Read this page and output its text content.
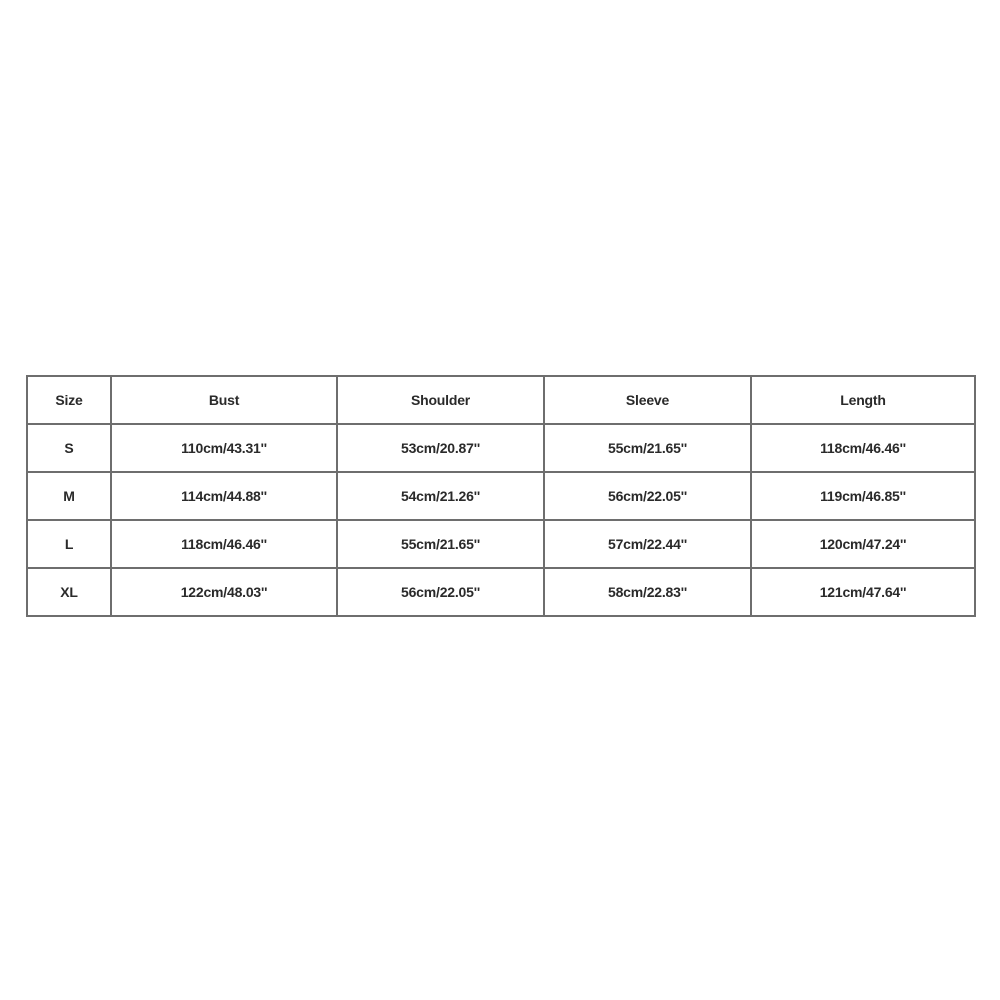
Size	Bust	Shoulder	Sleeve	Length
S	110cm/43.31''	53cm/20.87''	55cm/21.65''	118cm/46.46''
M	114cm/44.88''	54cm/21.26''	56cm/22.05''	119cm/46.85''
L	118cm/46.46''	55cm/21.65''	57cm/22.44''	120cm/47.24''
XL	122cm/48.03''	56cm/22.05''	58cm/22.83''	121cm/47.64''
